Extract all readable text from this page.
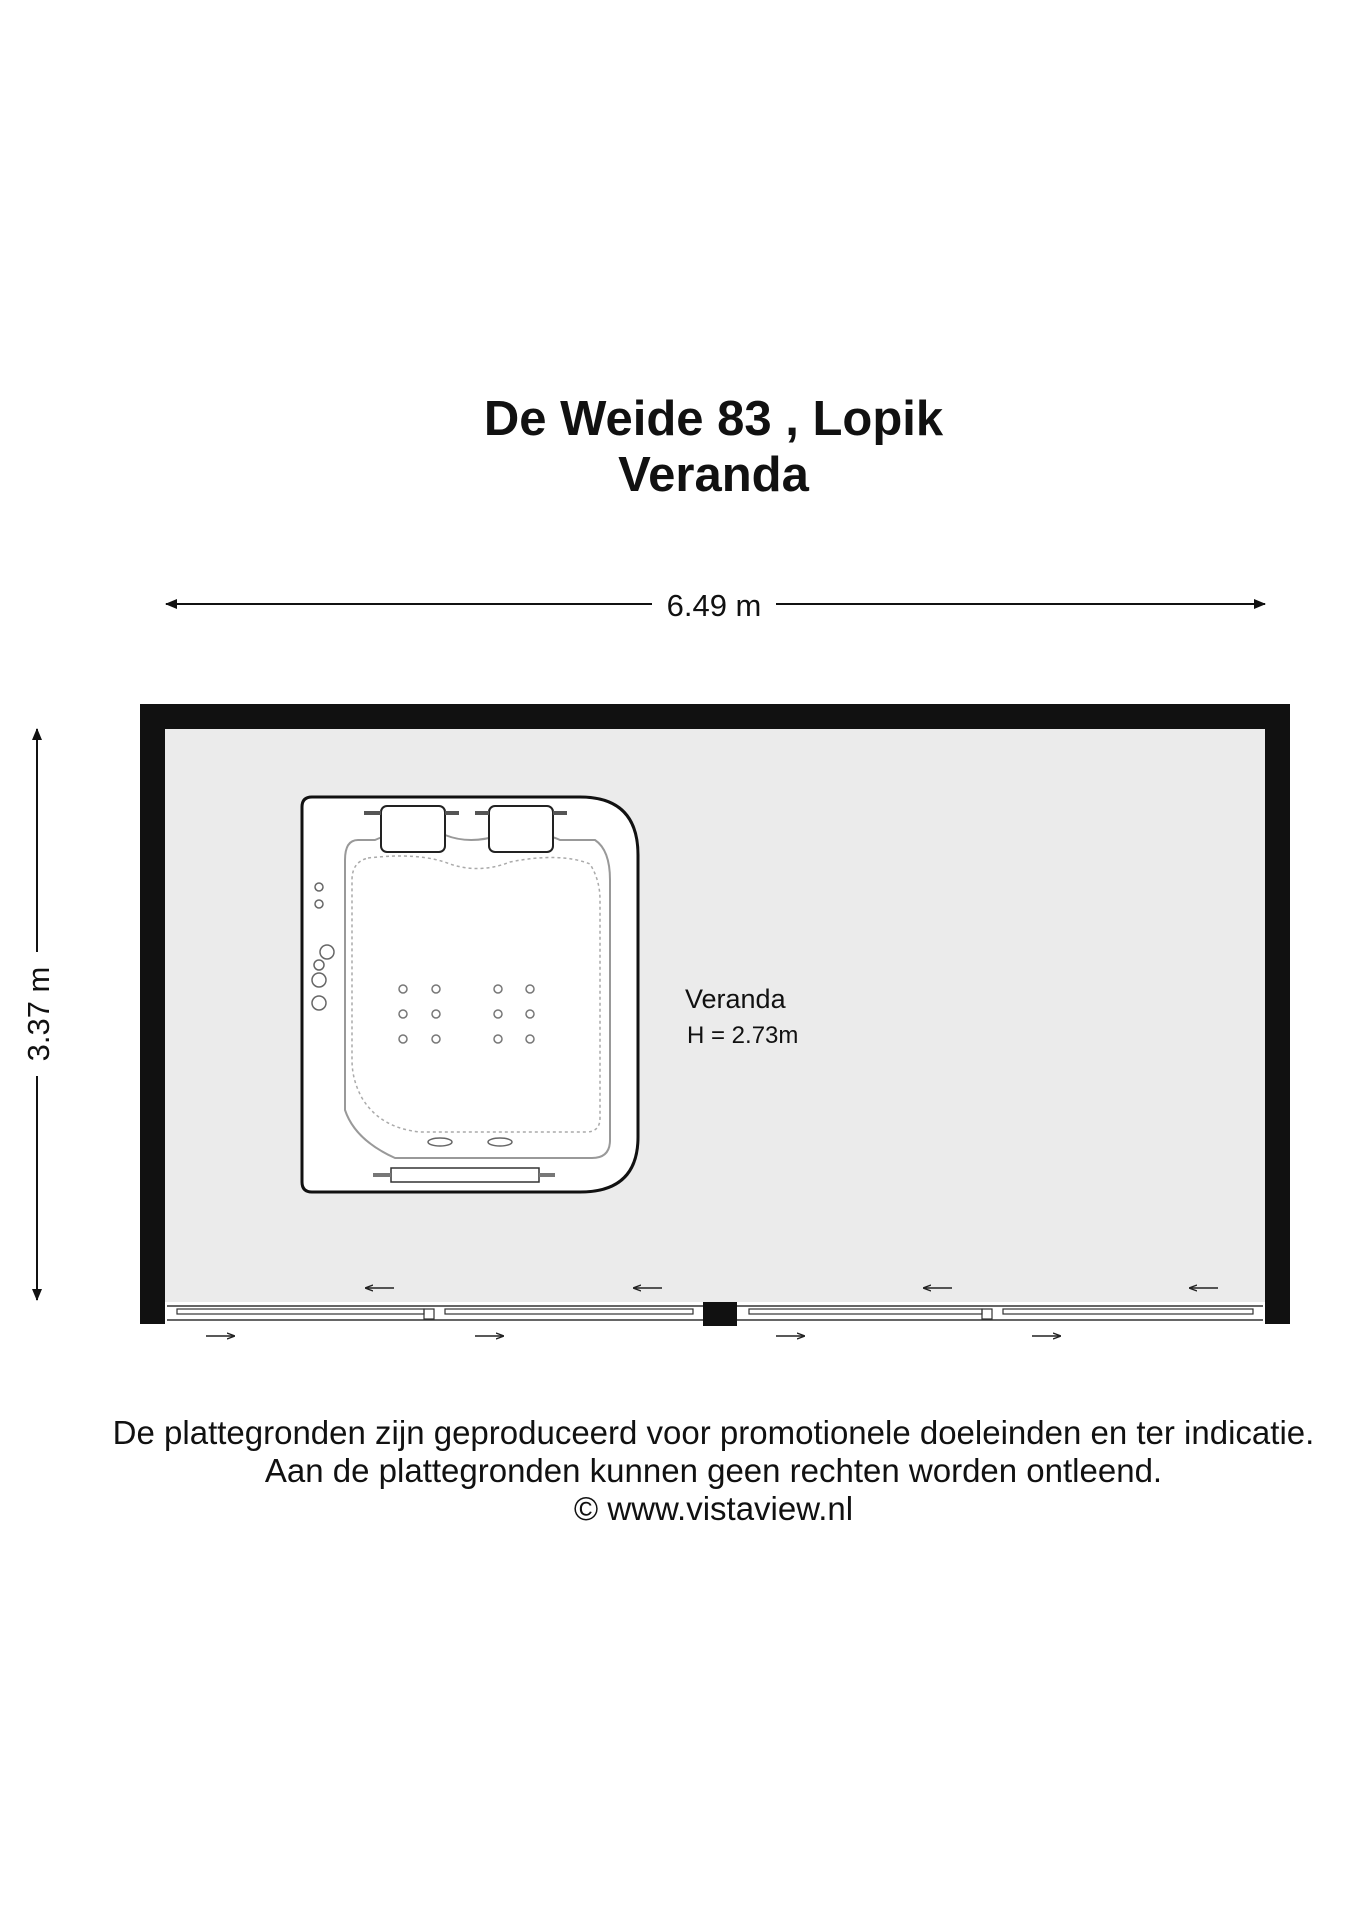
De Weide 83 , Lopik
Veranda
6.49 m
3.37 m	Veranda
H = 2.73m
De plattegronden zijn geproduceerd voor promotionele doeleinden en ter indicatie.
Aan de plattegronden kunnen geen rechten worden ontleend.
© www.vistaview.nl
